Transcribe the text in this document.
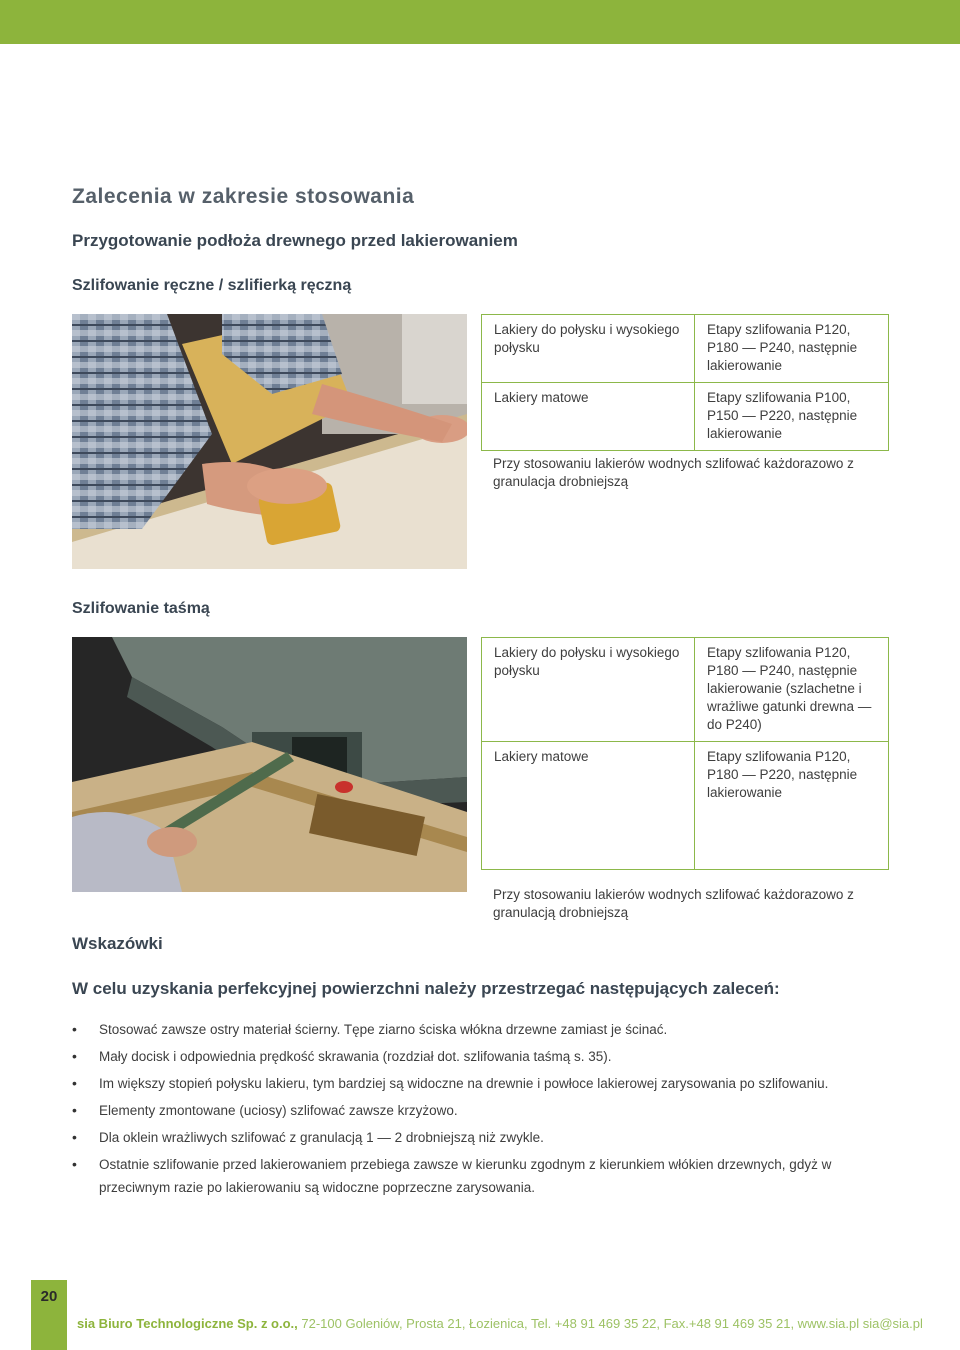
Zalecenia w zakresie stosowania
Przygotowanie podłoża drewnego przed lakierowaniem
Szlifowanie ręczne / szlifierką ręczną
Lakiery do połysku i wysokiego połysku	Etapy szlifowania P120, P180 — P240, następnie lakierowanie
Lakiery matowe	Etapy szlifowania P100, P150 — P220, następnie lakierowanie
Przy stosowaniu lakierów wodnych szlifować każdorazowo z granulacja drobniejszą
Szlifowanie taśmą
Lakiery do połysku i wysokiego połysku	Etapy szlifowania P120, P180 — P240, następnie lakierowanie (szlachetne i wrażliwe gatunki drewna — do P240)
Lakiery matowe	Etapy szlifowania P120, P180 — P220, następnie lakierowanie
Przy stosowaniu lakierów wodnych szlifować każdorazowo z granulacją drobniejszą
Wskazówki
W celu uzyskania perfekcyjnej powierzchni należy przestrzegać następujących zaleceń:
• Stosować zawsze ostry materiał ścierny. Tępe ziarno ściska włókna drzewne zamiast je ścinać.
• Mały docisk i odpowiednia prędkość skrawania (rozdział dot. szlifowania taśmą s. 35).
• Im większy stopień połysku lakieru, tym bardziej są widoczne na drewnie i powłoce lakierowej zarysowania po szlifowaniu.
• Elementy zmontowane (uciosy) szlifować zawsze krzyżowo.
• Dla oklein wrażliwych szlifować z granulacją 1 — 2 drobniejszą niż zwykle.
• Ostatnie szlifowanie przed lakierowaniem przebiega zawsze w kierunku zgodnym z kierunkiem włókien drzewnych, gdyż w przeciwnym razie po lakierowaniu są widoczne poprzeczne zarysowania.
20
sia Biuro Technologiczne Sp. z o.o., 72-100 Goleniów, Prosta 21, Łozienica, Tel. +48 91 469 35 22, Fax.+48 91 469 35 21, www.sia.pl sia@sia.pl
